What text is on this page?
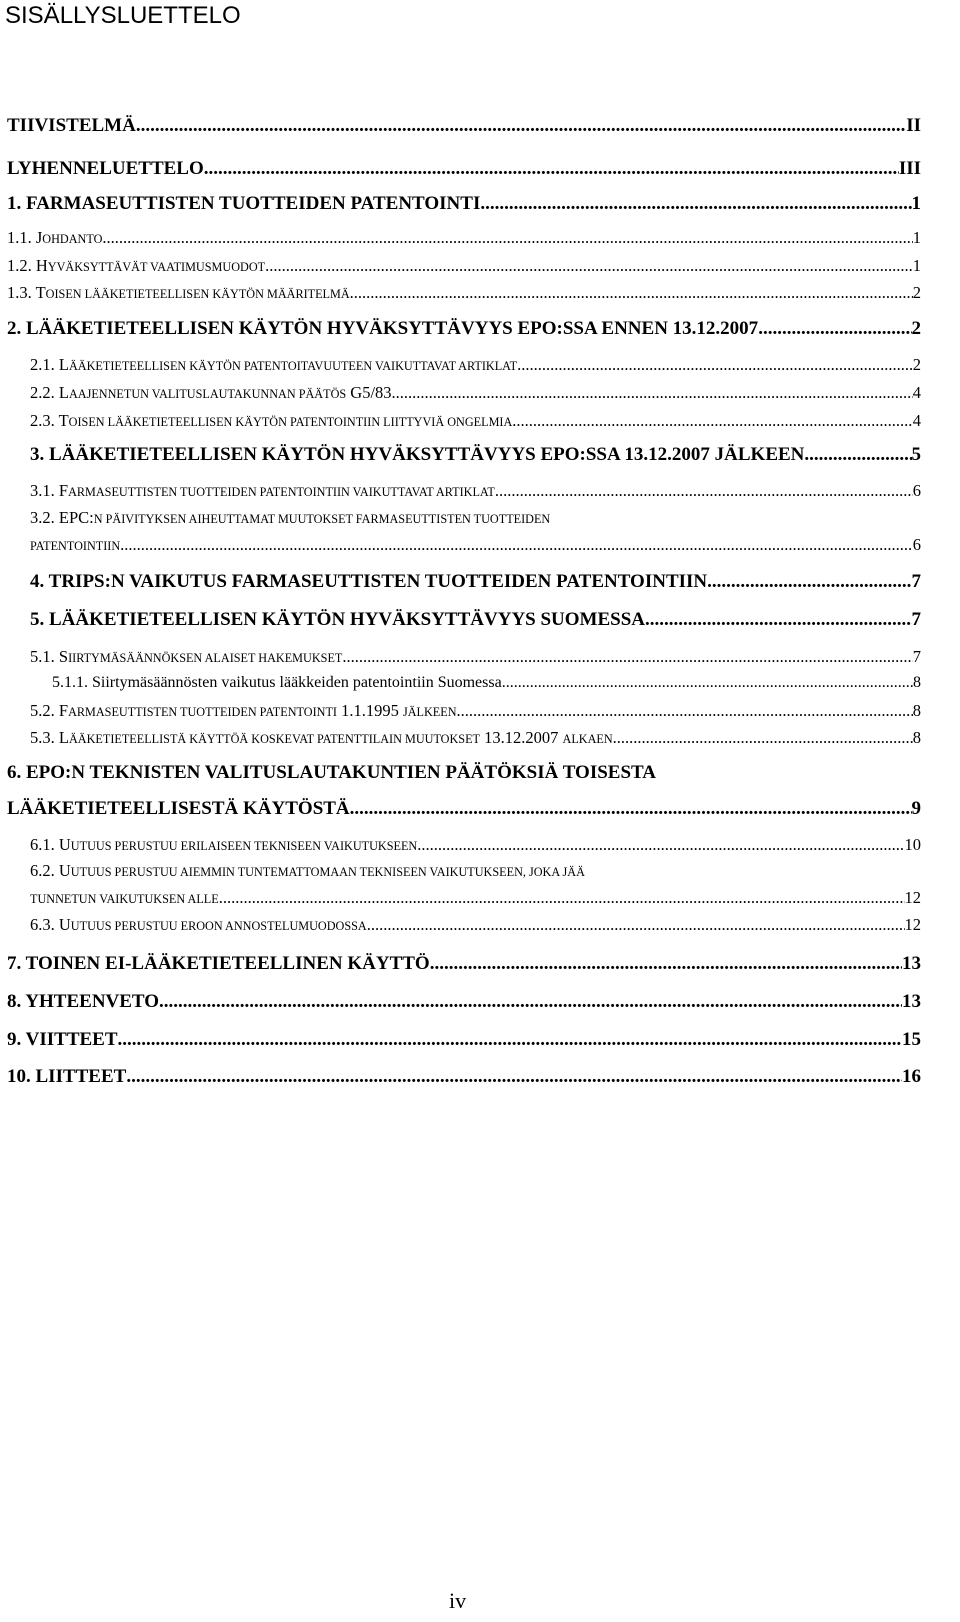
SISÄLLYSLUETTELO
TIIVISTELMÄ .....	II
LYHENNELUETTELO .....	III
1. FARMASEUTTISTEN TUOTTEIDEN PATENTOINTI .....	1
1.1. JOHDANTO .....	1
1.2. HYVÄKSYTTÄVÄT VAATIMUSMUODOT .....	1
1.3. TOISEN LÄÄKETIETEELLISEN KÄYTÖN MÄÄRITELMÄ .....	2
2. LÄÄKETIETEELLISEN KÄYTÖN HYVÄKSYTTÄVYYS EPO:SSA ENNEN 13.12.2007 .....	2
2.1. LÄÄKETIETEELLISEN KÄYTÖN PATENTOITAVUUTEEN VAIKUTTAVAT ARTIKLAT .....	2
2.2. LAAJENNETUN VALITUSLAUTAKUNNAN PÄÄTÖS G5/83 .....	4
2.3. TOISEN LÄÄKETIETEELLISEN KÄYTÖN PATENTOINTIIN LIITTYVIÄ ONGELMIA .....	4
3. LÄÄKETIETEELLISEN KÄYTÖN HYVÄKSYTTÄVYYS EPO:SSA 13.12.2007 JÄLKEEN .....	5
3.1. FARMASEUTTISTEN TUOTTEIDEN PATENTOINTIIN VAIKUTTAVAT ARTIKLAT .....	6
3.2. EPC:N PÄIVITYKSEN AIHEUTTAMAT MUUTOKSET FARMASEUTTISTEN TUOTTEIDEN
PATENTOINTIIN .....	6
4. TRIPS:N VAIKUTUS FARMASEUTTISTEN TUOTTEIDEN PATENTOINTIIN .....	7
5. LÄÄKETIETEELLISEN KÄYTÖN HYVÄKSYTTÄVYYS SUOMESSA .....	7
5.1. SIIRTYMÄSÄÄNNÖKSEN ALAISET HAKEMUKSET .....	7
5.1.1. Siirtymäsäännösten vaikutus lääkkeiden patentointiin Suomessa .....	8
5.2. FARMASEUTTISTEN TUOTTEIDEN PATENTOINTI 1.1.1995 JÄLKEEN .....	8
5.3. LÄÄKETIETEELLISTÄ KÄYTTÖÄ KOSKEVAT PATENTTILAIN MUUTOKSET 13.12.2007 ALKAEN .....	8
6. EPO:N TEKNISTEN VALITUSLAUTAKUNTIEN PÄÄTÖKSIÄ TOISESTA
LÄÄKETIETEELLISESTÄ KÄYTÖSTÄ .....	9
6.1. UUTUUS PERUSTUU ERILAISEEN TEKNISEEN VAIKUTUKSEEN .....	10
6.2. UUTUUS PERUSTUU AIEMMIN TUNTEMATTOMAAN TEKNISEEN VAIKUTUKSEEN, JOKA JÄÄ
TUNNETUN VAIKUTUKSEN ALLE .....	12
6.3. UUTUUS PERUSTUU EROON ANNOSTELUMUODOSSA .....	12
7. TOINEN EI-LÄÄKETIETEELLINEN KÄYTTÖ .....	13
8. YHTEENVETO .....	13
9. VIITTEET .....	15
10. LIITTEET .....	16
iv
